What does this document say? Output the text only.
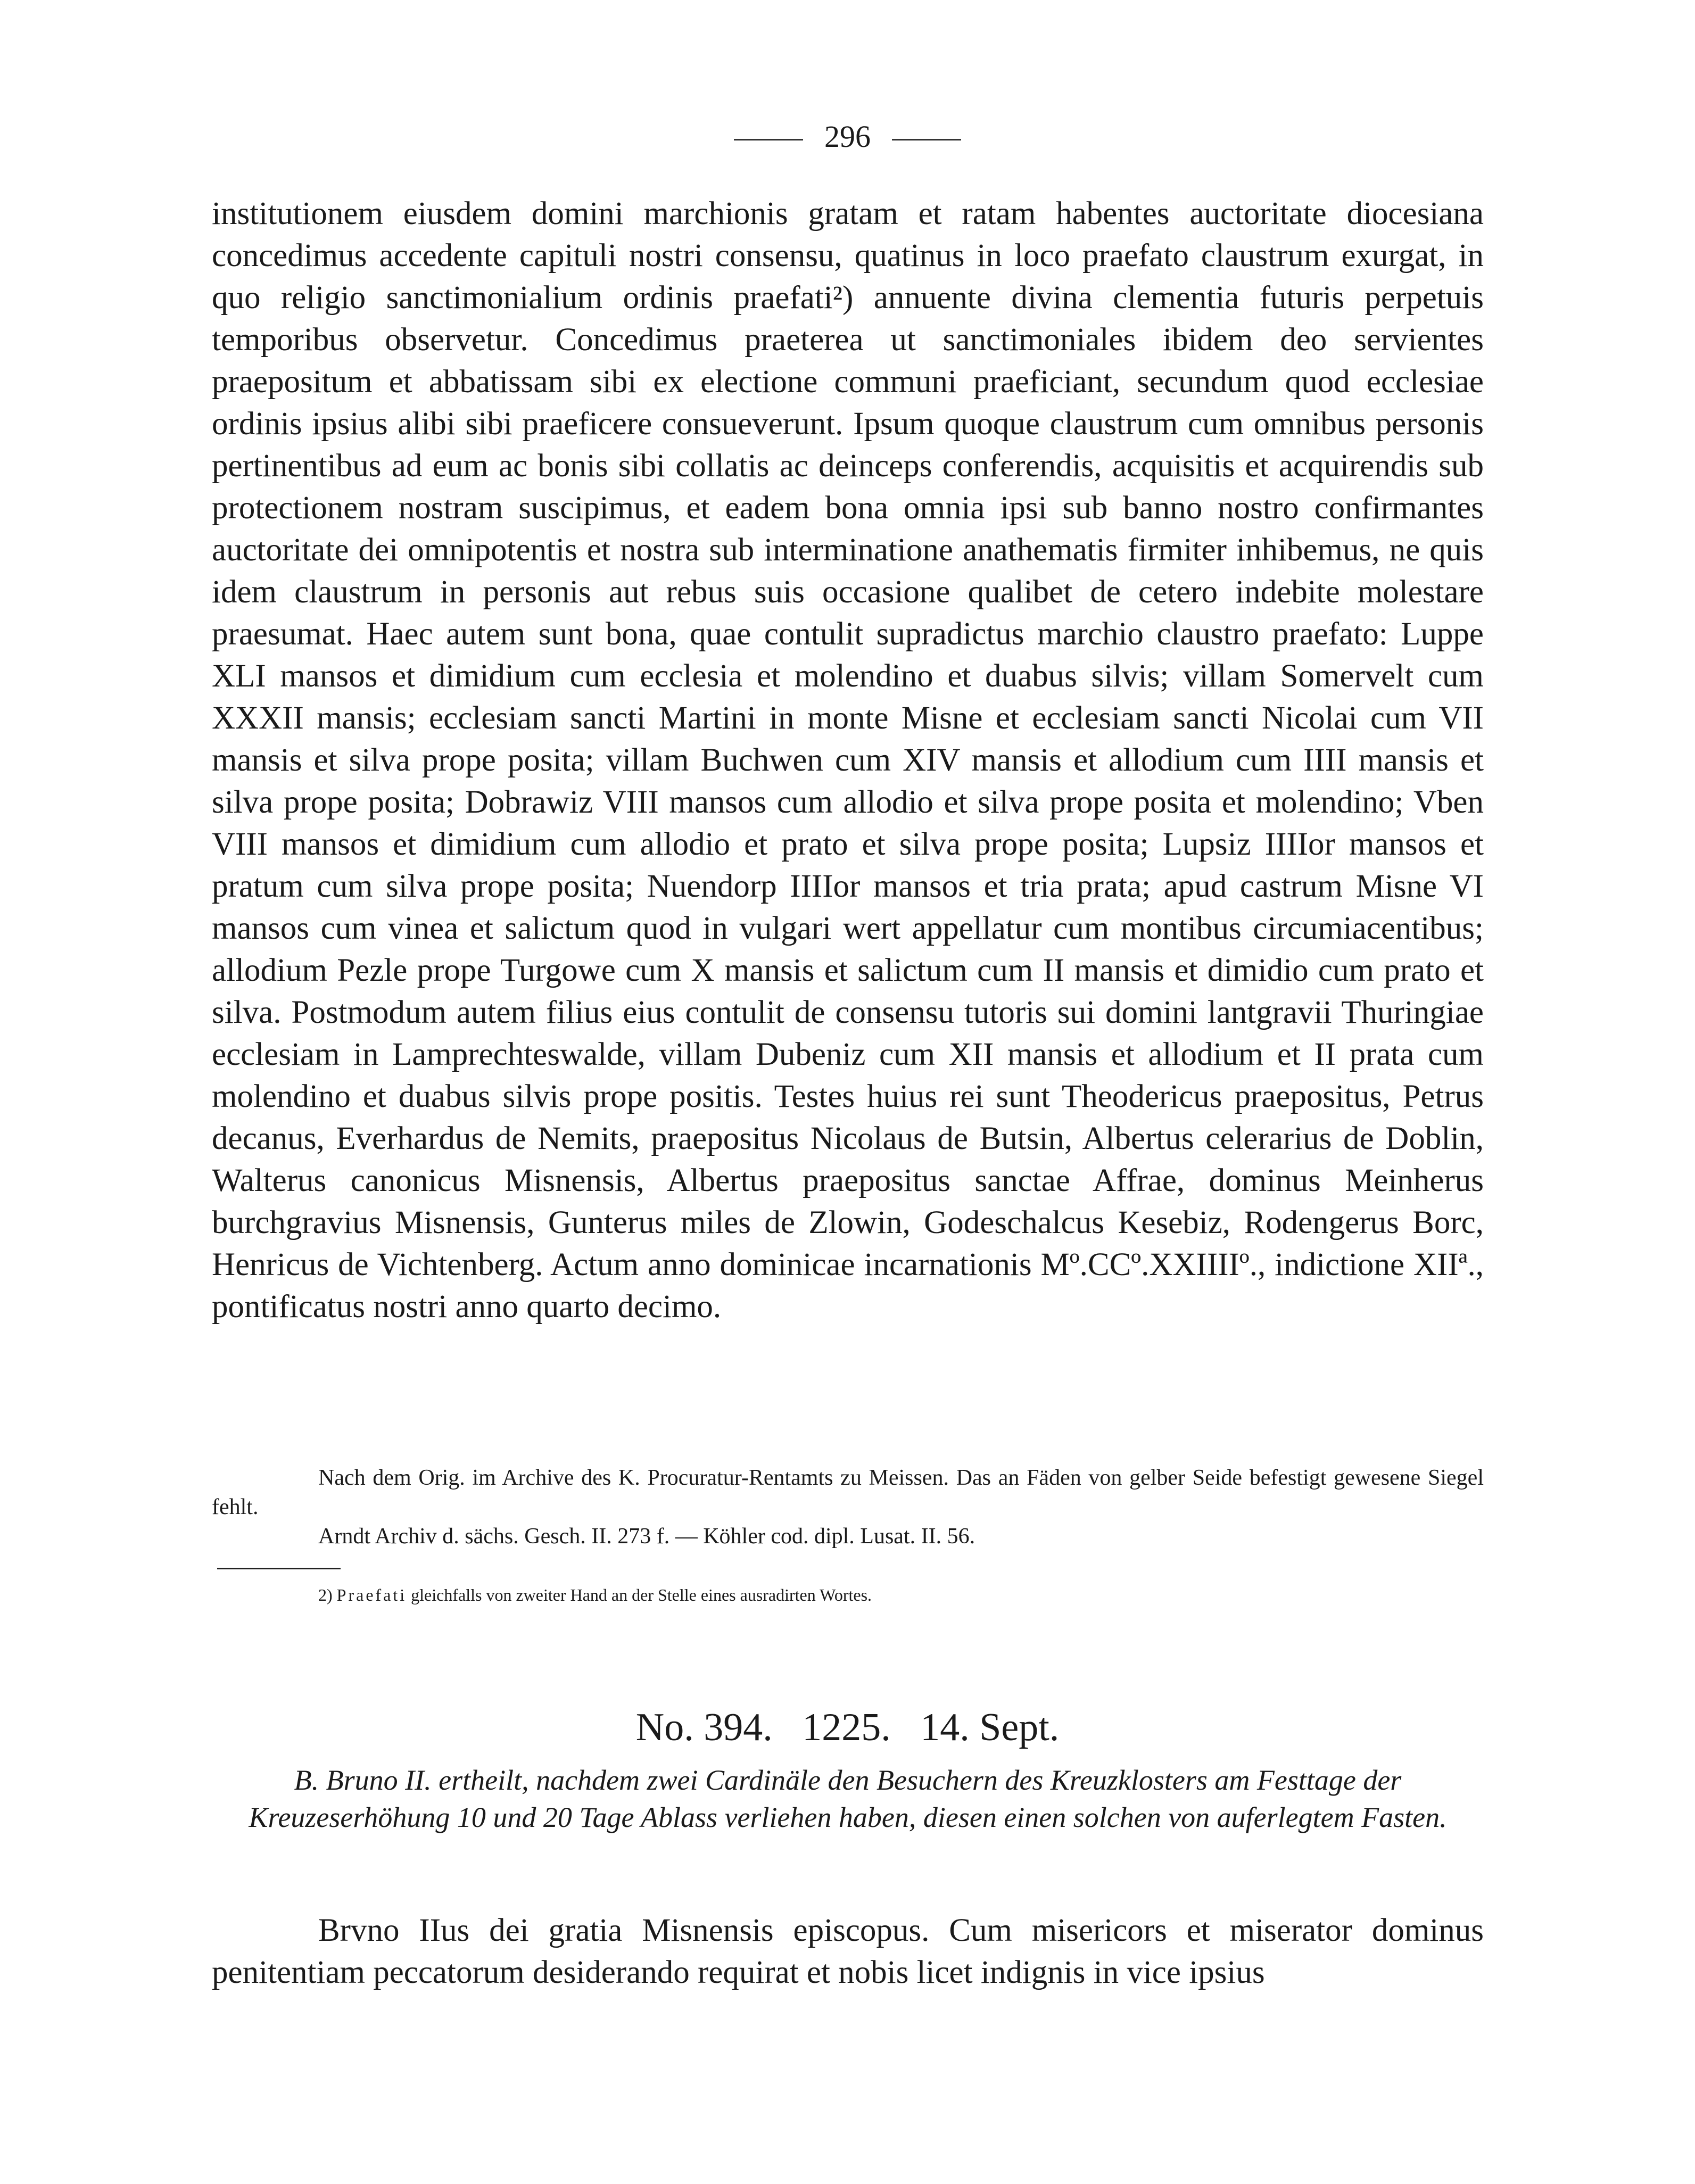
296

institutionem eiusdem domini marchionis gratam et ratam habentes auctoritate diocesiana concedimus accedente capituli nostri consensu, quatinus in loco praefato claustrum exurgat, in quo religio sanctimonialium ordinis praefati²) annuente divina clementia futuris perpetuis temporibus observetur. Concedimus praeterea ut sanctimoniales ibidem deo servientes praepositum et abbatissam sibi ex electione communi praeficiant, secundum quod ecclesiae ordinis ipsius alibi sibi praeficere consueverunt. Ipsum quoque claustrum cum omnibus personis pertinentibus ad eum ac bonis sibi collatis ac deinceps conferendis, acquisitis et acquirendis sub protectionem nostram suscipimus, et eadem bona omnia ipsi sub banno nostro confirmantes auctoritate dei omnipotentis et nostra sub interminatione anathematis firmiter inhibemus, ne quis idem claustrum in personis aut rebus suis occasione qualibet de cetero indebite molestare praesumat. Haec autem sunt bona, quae contulit supradictus marchio claustro praefato: Luppe XLI mansos et dimidium cum ecclesia et molendino et duabus silvis; villam Somervelt cum XXXII mansis; ecclesiam sancti Martini in monte Misne et ecclesiam sancti Nicolai cum VII mansis et silva prope posita; villam Buchwen cum XIV mansis et allodium cum IIII mansis et silva prope posita; Dobrawiz VIII mansos cum allodio et silva prope posita et molendino; Vben VIII mansos et dimidium cum allodio et prato et silva prope posita; Lupsiz IIIIor mansos et pratum cum silva prope posita; Nuendorp IIIIor mansos et tria prata; apud castrum Misne VI mansos cum vinea et salictum quod in vulgari wert appellatur cum montibus circumiacentibus; allodium Pezle prope Turgowe cum X mansis et salictum cum II mansis et dimidio cum prato et silva. Postmodum autem filius eius contulit de consensu tutoris sui domini lantgravii Thuringiae ecclesiam in Lamprechteswalde, villam Dubeniz cum XII mansis et allodium et II prata cum molendino et duabus silvis prope positis. Testes huius rei sunt Theodericus praepositus, Petrus decanus, Everhardus de Nemits, praepositus Nicolaus de Butsin, Albertus celerarius de Doblin, Walterus canonicus Misnensis, Albertus praepositus sanctae Affrae, dominus Meinherus burchgravius Misnensis, Gunterus miles de Zlowin, Godeschalcus Kesebiz, Rodengerus Borc, Henricus de Vichtenberg. Actum anno dominicae incarnationis Mº.CCº.XXIIIIº., indictione XIIª., pontificatus nostri anno quarto decimo.

Nach dem Orig. im Archive des K. Procuratur-Rentamts zu Meissen. Das an Fäden von gelber Seide befestigt gewesene Siegel fehlt.

Arndt Archiv d. sächs. Gesch. II. 273 f. — Köhler cod. dipl. Lusat. II. 56.

2) Praefati gleichfalls von zweiter Hand an der Stelle eines ausradirten Wortes.
No. 394.   1225.   14. Sept.
B. Bruno II. ertheilt, nachdem zwei Cardinäle den Besuchern des Kreuzklosters am Festtage der Kreuzeserhöhung 10 und 20 Tage Ablass verliehen haben, diesen einen solchen von auferlegtem Fasten.

Brvno IIus dei gratia Misnensis episcopus. Cum misericors et miserator dominus penitentiam peccatorum desiderando requirat et nobis licet indignis in vice ipsius
